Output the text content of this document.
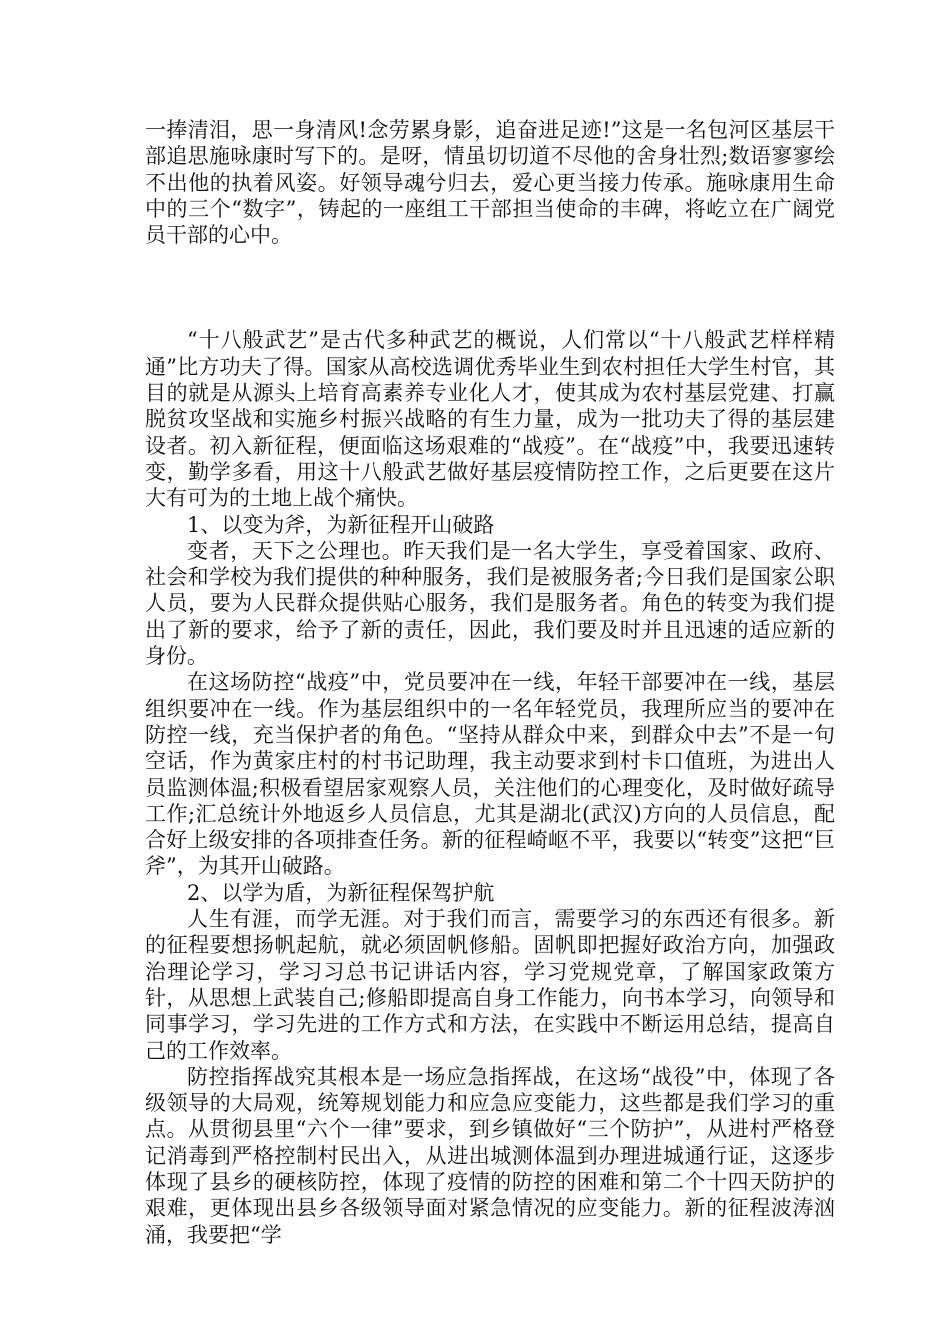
一捧清泪，思一身清风!念劳累身影，追奋进足迹!”这是一名包河区基层干部追思施咏康时写下的。是呀，情虽切切道不尽他的舍身壮烈;数语寥寥绘不出他的执着风姿。好领导魂兮归去，爱心更当接力传承。施咏康用生命中的三个“数字”，铸起的一座组工干部担当使命的丰碑，将屹立在广阔党员干部的心中。

“十八般武艺”是古代多种武艺的概说，人们常以“十八般武艺样样精通”比方功夫了得。国家从高校选调优秀毕业生到农村担任大学生村官，其目的就是从源头上培育高素养专业化人才，使其成为农村基层党建、打赢脱贫攻坚战和实施乡村振兴战略的有生力量，成为一批功夫了得的基层建设者。初入新征程，便面临这场艰难的“战疫”。在“战疫”中，我要迅速转变，勤学多看，用这十八般武艺做好基层疫情防控工作，之后更要在这片大有可为的土地上战个痛快。

1、以变为斧，为新征程开山破路

变者，天下之公理也。昨天我们是一名大学生，享受着国家、政府、社会和学校为我们提供的种种服务，我们是被服务者;今日我们是国家公职人员，要为人民群众提供贴心服务，我们是服务者。角色的转变为我们提出了新的要求，给予了新的责任，因此，我们要及时并且迅速的适应新的身份。

在这场防控“战疫”中，党员要冲在一线，年轻干部要冲在一线，基层组织要冲在一线。作为基层组织中的一名年轻党员，我理所应当的要冲在防控一线，充当保护者的角色。“坚持从群众中来，到群众中去”不是一句空话，作为黄家庄村的村书记助理，我主动要求到村卡口值班，为进出人员监测体温;积极看望居家观察人员，关注他们的心理变化，及时做好疏导工作;汇总统计外地返乡人员信息，尤其是湖北(武汉)方向的人员信息，配合好上级安排的各项排查任务。新的征程崎岖不平，我要以“转变”这把“巨斧”，为其开山破路。

2、以学为盾，为新征程保驾护航

人生有涯，而学无涯。对于我们而言，需要学习的东西还有很多。新的征程要想扬帆起航，就必须固帆修船。固帆即把握好政治方向，加强政治理论学习，学习习总书记讲话内容，学习党规党章，了解国家政策方针，从思想上武装自己;修船即提高自身工作能力，向书本学习，向领导和同事学习，学习先进的工作方式和方法，在实践中不断运用总结，提高自己的工作效率。

防控指挥战究其根本是一场应急指挥战，在这场“战役”中，体现了各级领导的大局观，统筹规划能力和应急应变能力，这些都是我们学习的重点。从贯彻县里“六个一律”要求，到乡镇做好“三个防护”，从进村严格登记消毒到严格控制村民出入，从进出城测体温到办理进城通行证，这逐步体现了县乡的硬核防控，体现了疫情的防控的困难和第二个十四天防护的艰难，更体现出县乡各级领导面对紧急情况的应变能力。新的征程波涛汹涌，我要把“学
